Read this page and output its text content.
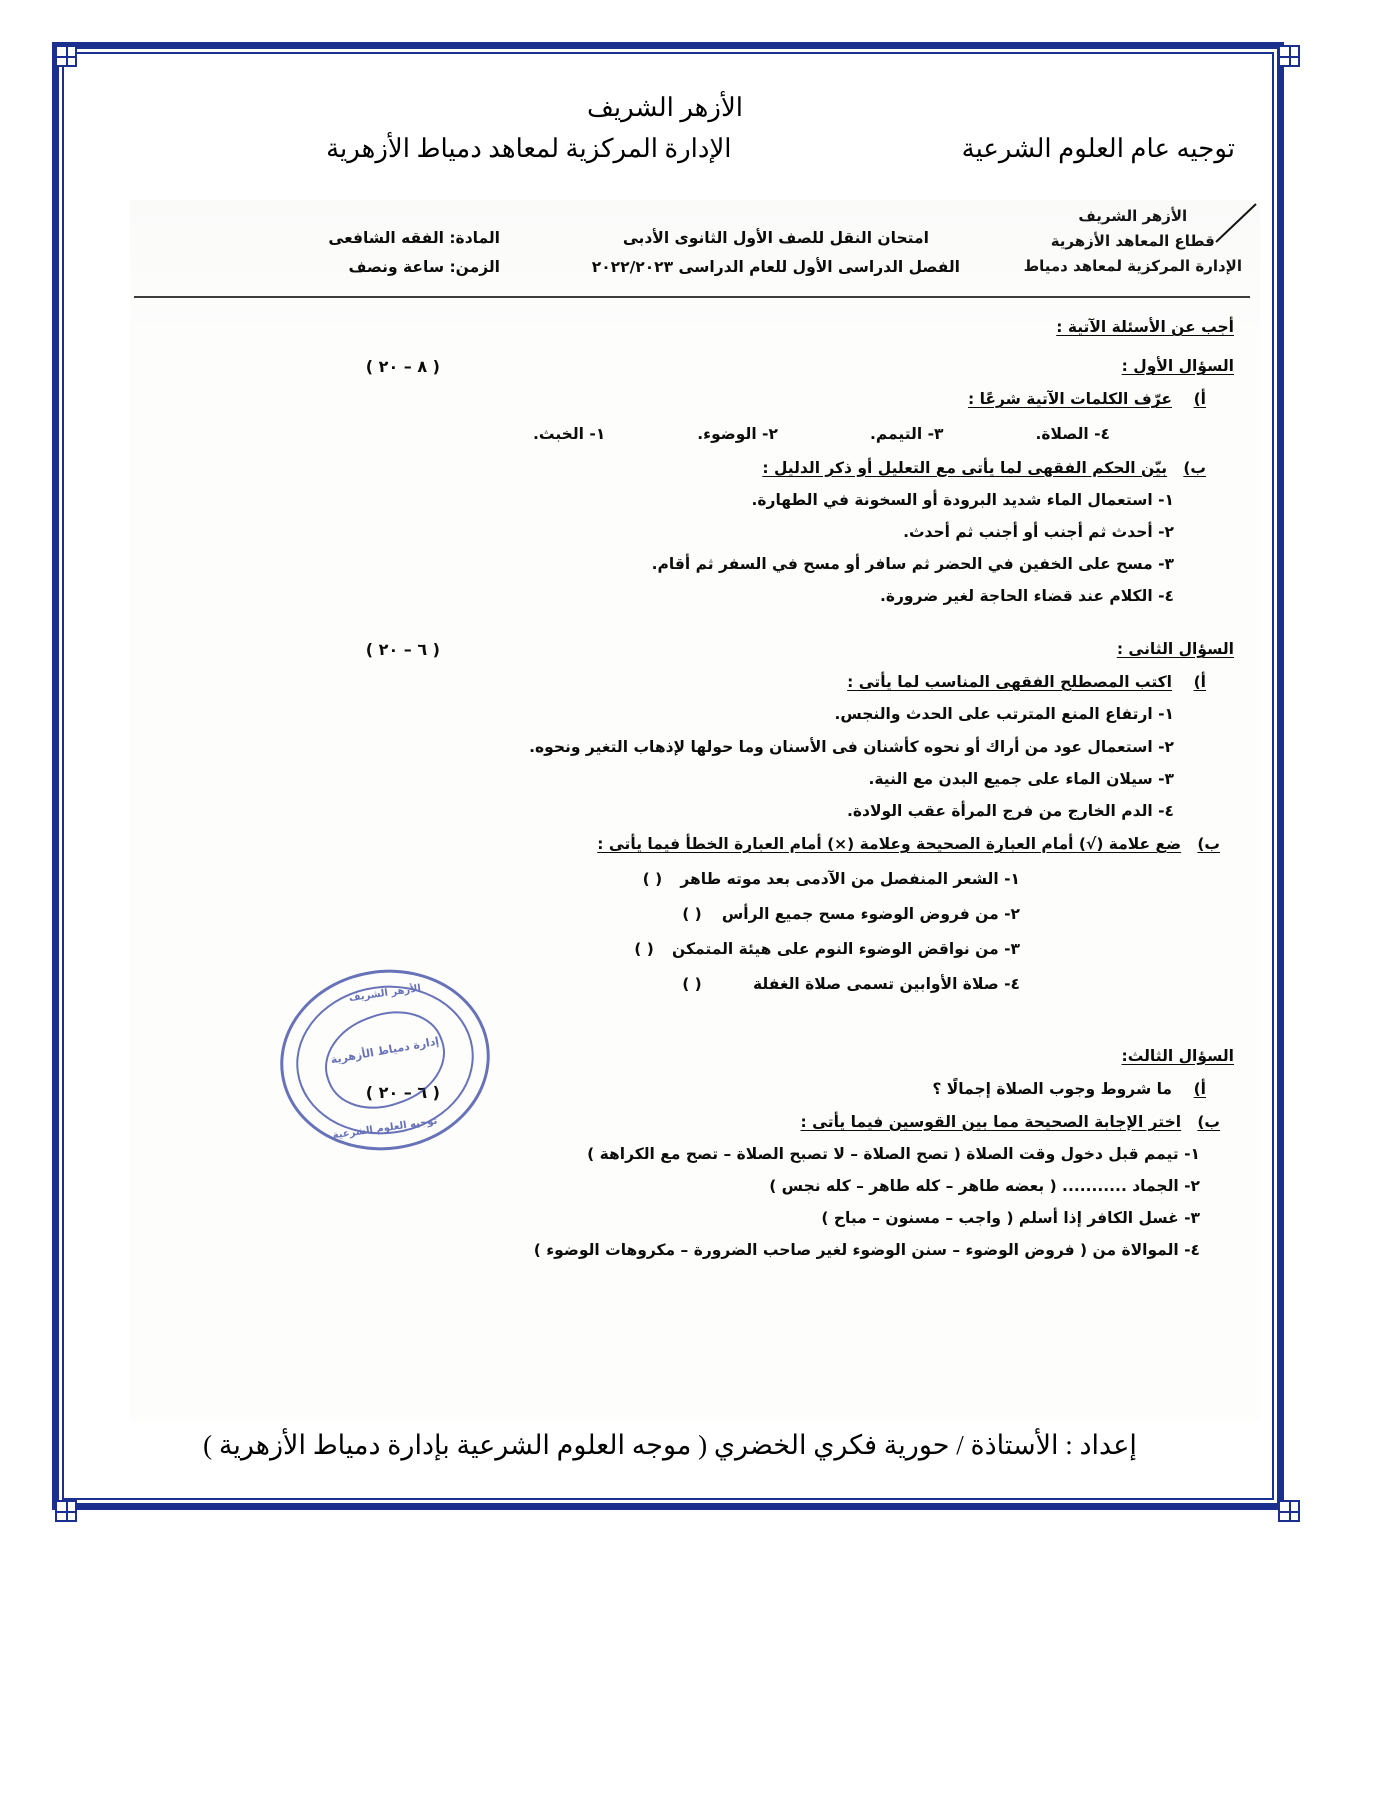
الأزهر الشريف
توجيه عام العلوم الشرعية
الإدارة المركزية لمعاهد دمياط الأزهرية
الأزهر الشريف
قطاع المعاهد الأزهرية
الإدارة المركزية لمعاهد دمياط
امتحان النقل للصف الأول الثانوى الأدبى
الفصل الدراسى الأول للعام الدراسى ٢٠٢٢/٢٠٢٣
المادة: الفقه الشافعى
الزمن: ساعة ونصف
أجب عن الأسئلة الآتية :
( ٨ – ٢٠ )	السؤال الأول :
أ)    عرّف الكلمات الآتية شرعًا :
٤- الصلاة.
٣- التيمم.
٢- الوضوء.
١- الخبث.
ب)   بيّن الحكم الفقهى لما يأتى مع التعليل أو ذكر الدليل :
١- استعمال الماء شديد البرودة أو السخونة في الطهارة.
٢- أحدث ثم أجنب أو أجنب ثم أحدث.
٣- مسح على الخفين في الحضر ثم سافر أو مسح في السفر ثم أقام.
٤- الكلام عند قضاء الحاجة لغير ضرورة.
( ٦ – ٢٠ )	السؤال الثانى :
أ)    اكتب المصطلح الفقهى المناسب لما يأتى :
١- ارتفاع المنع المترتب على الحدث والنجس.
٢- استعمال عود من أراك أو نحوه كأشنان فى الأسنان وما حولها لإذهاب التغير ونحوه.
٣- سيلان الماء على جميع البدن مع النية.
٤- الدم الخارج من فرج المرأة عقب الولادة.
ب)   ضع علامة (√) أمام العبارة الصحيحة وعلامة (×) أمام العبارة الخطأ فيما يأتى :
١- الشعر المنفصل من الآدمى بعد موته طاهر
( )
٢- من فروض الوضوء مسح جميع الرأس
( )
٣- من نواقض الوضوء النوم على هيئة المتمكن
( )
٤- صلاة الأوابين تسمى صلاة الغفلة
( )
( ٦ – ٢٠ )
السؤال الثالث:
أ)    ما شروط وجوب الصلاة إجمالًا ؟
ب)   اختر الإجابة الصحيحة مما بين القوسين فيما يأتى :
١- تيمم قبل دخول وقت الصلاة ( تصح الصلاة – لا تصبح الصلاة – تصح مع الكراهة )
٢- الجماد ........... ( بعضه طاهر – كله طاهر – كله نجس )
٣- غسل الكافر إذا أسلم ( واجب – مسنون – مباح )
٤- الموالاة من ( فروض الوضوء – سنن الوضوء لغير صاحب الضرورة – مكروهات الوضوء )
الأزهر الشريف
إدارة دمياط الأزهرية
توجيه العلوم الشرعية
إعداد : الأستاذة / حورية فكري الخضري ( موجه العلوم الشرعية بإدارة دمياط الأزهرية )
